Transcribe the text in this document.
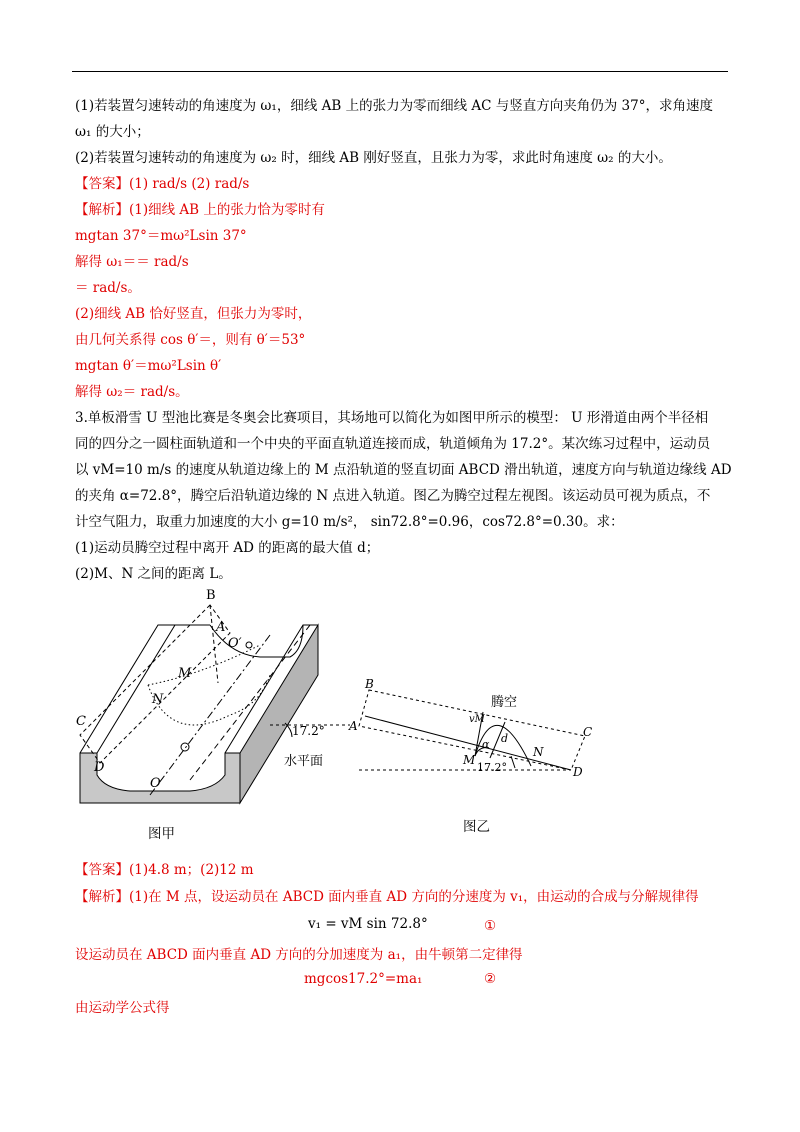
(1)若装置匀速转动的角速度为 ω₁，细线 AB 上的张力为零而细线 AC 与竖直方向夹角仍为 37°，求角速度
ω₁ 的大小；
(2)若装置匀速转动的角速度为 ω₂ 时，细线 AB 刚好竖直，且张力为零，求此时角速度 ω₂ 的大小。
【答案】(1) rad/s (2) rad/s
【解析】(1)细线 AB 上的张力恰为零时有
mgtan 37°＝mω²Lsin 37°
解得 ω₁＝＝ rad/s
＝ rad/s。
(2)细线 AB 恰好竖直，但张力为零时，
由几何关系得 cos θ′＝，则有 θ′＝53°
mgtan θ′＝mω²Lsin θ′
解得 ω₂＝ rad/s。
3.单板滑雪 U 型池比赛是冬奥会比赛项目，其场地可以简化为如图甲所示的模型： U 形滑道由两个半径相
同的四分之一圆柱面轨道和一个中央的平面直轨道连接而成，轨道倾角为 17.2°。某次练习过程中，运动员
以 vM=10 m/s 的速度从轨道边缘上的 M 点沿轨道的竖直切面 ABCD 滑出轨道，速度方向与轨道边缘线 AD
的夹角 α=72.8°，腾空后沿轨道边缘的 N 点进入轨道。图乙为腾空过程左视图。该运动员可视为质点，不
计空气阻力，取重力加速度的大小 g=10 m/s²， sin72.8°=0.96，cos72.8°=0.30。求：
(1)运动员腾空过程中离开 AD 的距离的最大值 d；
(2)M、N 之间的距离 L。
B
A
O′
M
N
C
D
O
17.2°
水平面
图甲
B
A	C
D
M
N
vM
α d
17.2°
腾空
图乙
【答案】(1)4.8 m；(2)12 m
【解析】(1)在 M 点，设运动员在 ABCD 面内垂直 AD 方向的分速度为 v₁，由运动的合成与分解规律得
v₁ = vM sin 72.8°	①
设运动员在 ABCD 面内垂直 AD 方向的分加速度为 a₁，由牛顿第二定律得
mgcos17.2°=ma₁	②
由运动学公式得
